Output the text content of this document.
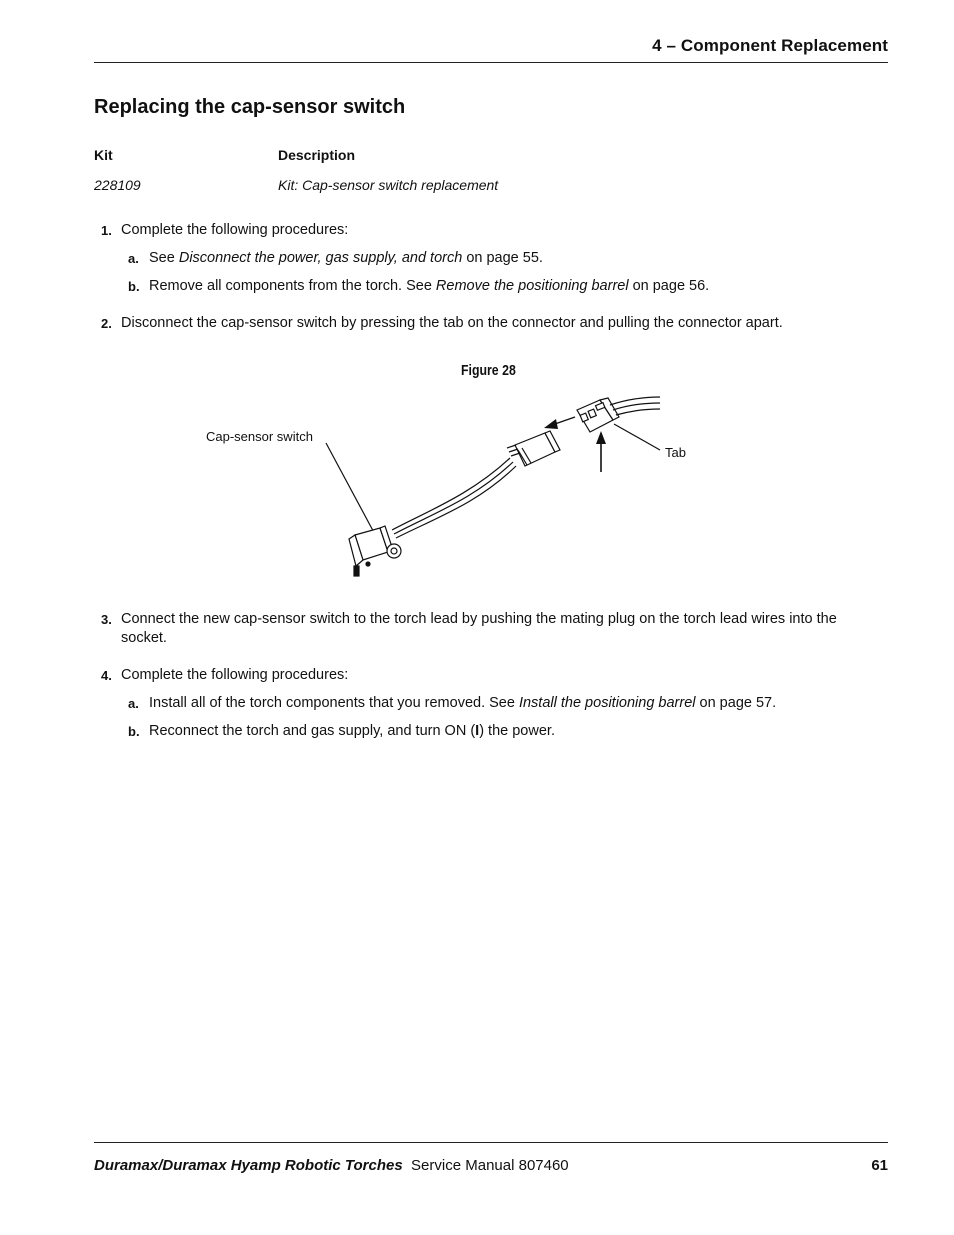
4 – Component Replacement
Replacing the cap-sensor switch
Kit	Description
228109	Kit: Cap-sensor switch replacement
1. Complete the following procedures:
a. See Disconnect the power, gas supply, and torch on page 55.
b. Remove all components from the torch. See Remove the positioning barrel on page 56.
2. Disconnect the cap-sensor switch by pressing the tab on the connector and pulling the connector apart.
Figure 28
Cap-sensor switch
Tab
3. Connect the new cap-sensor switch to the torch lead by pushing the mating plug on the torch lead wires into the
socket.
4. Complete the following procedures:
a. Install all of the torch components that you removed. See Install the positioning barrel on page 57.
b. Reconnect the torch and gas supply, and turn ON (I) the power.
Duramax/Duramax Hyamp Robotic Torches Service Manual 807460	61
